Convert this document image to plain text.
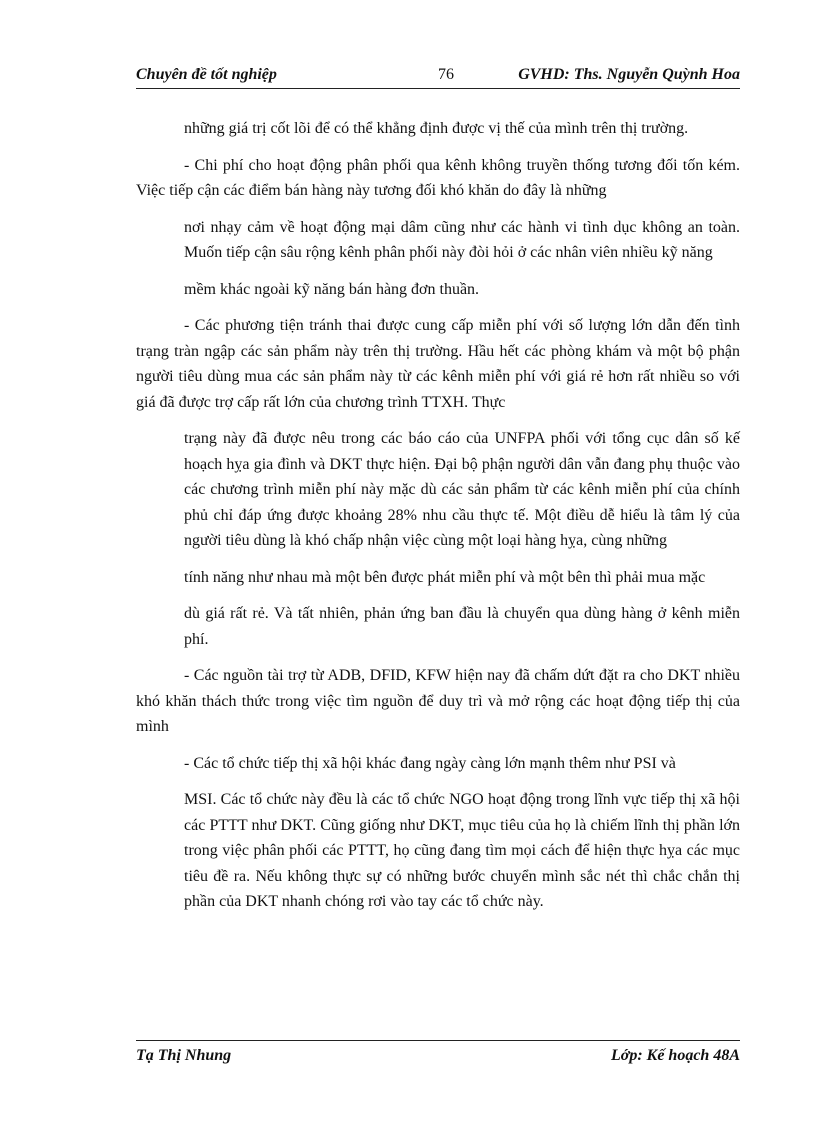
Chuyên đề tốt nghiệp	76	GVHD: Ths. Nguyễn Quỳnh Hoa

những giá trị cốt lõi để có thể khẳng định được vị thế của mình trên thị trường.

- Chi phí cho hoạt động phân phối qua kênh không truyền thống tương đối tốn kém. Việc tiếp cận các điểm bán hàng này tương đối khó khăn do đây là những

nơi nhạy cảm về hoạt động mại dâm cũng như các hành vi tình dục không an toàn. Muốn tiếp cận sâu rộng kênh phân phối này đòi hỏi ở các nhân viên nhiều kỹ năng

mềm khác ngoài kỹ năng bán hàng đơn thuần.

- Các phương tiện tránh thai được cung cấp miễn phí với số lượng lớn dẫn đến tình trạng tràn ngập các sản phẩm này trên thị trường. Hầu hết các phòng khám và một bộ phận người tiêu dùng mua các sản phẩm này từ các kênh miễn phí với giá rẻ hơn rất nhiều so với giá đã được trợ cấp rất lớn của chương trình TTXH. Thực

trạng này đã được nêu trong các báo cáo của UNFPA phối với tổng cục dân số kế hoạch hỵa gia đình và DKT thực hiện. Đại bộ phận người dân vẫn đang phụ thuộc vào các chương trình miễn phí này mặc dù các sản phẩm từ các kênh miễn phí của chính phủ chỉ đáp ứng được khoảng 28% nhu cầu thực tế. Một điều dễ hiểu là tâm lý của người tiêu dùng là khó chấp nhận việc cùng một loại hàng hỵa, cùng những

tính năng như nhau mà một bên được phát miễn phí và một bên thì phải mua mặc

dù giá rất rẻ. Và tất nhiên, phản ứng ban đầu là chuyển qua dùng hàng ở kênh miễn phí.

- Các nguồn tài trợ từ ADB, DFID, KFW hiện nay đã chấm dứt đặt ra cho DKT nhiều khó khăn thách thức trong việc tìm nguồn để duy trì và mở rộng các hoạt động tiếp thị của mình

- Các tổ chức tiếp thị xã hội khác đang ngày càng lớn mạnh thêm như PSI và

MSI. Các tổ chức này đều là các tổ chức NGO hoạt động trong lĩnh vực tiếp thị xã hội các PTTT như DKT. Cũng giống như DKT, mục tiêu của họ là chiếm lĩnh thị phần lớn trong việc phân phối các PTTT, họ cũng đang tìm mọi cách để hiện thực hỵa các mục tiêu đề ra. Nếu không thực sự có những bước chuyển mình sắc nét thì chắc chắn thị phần của DKT nhanh chóng rơi vào tay các tổ chức này.

Tạ Thị Nhung	Lớp: Kế hoạch 48A
